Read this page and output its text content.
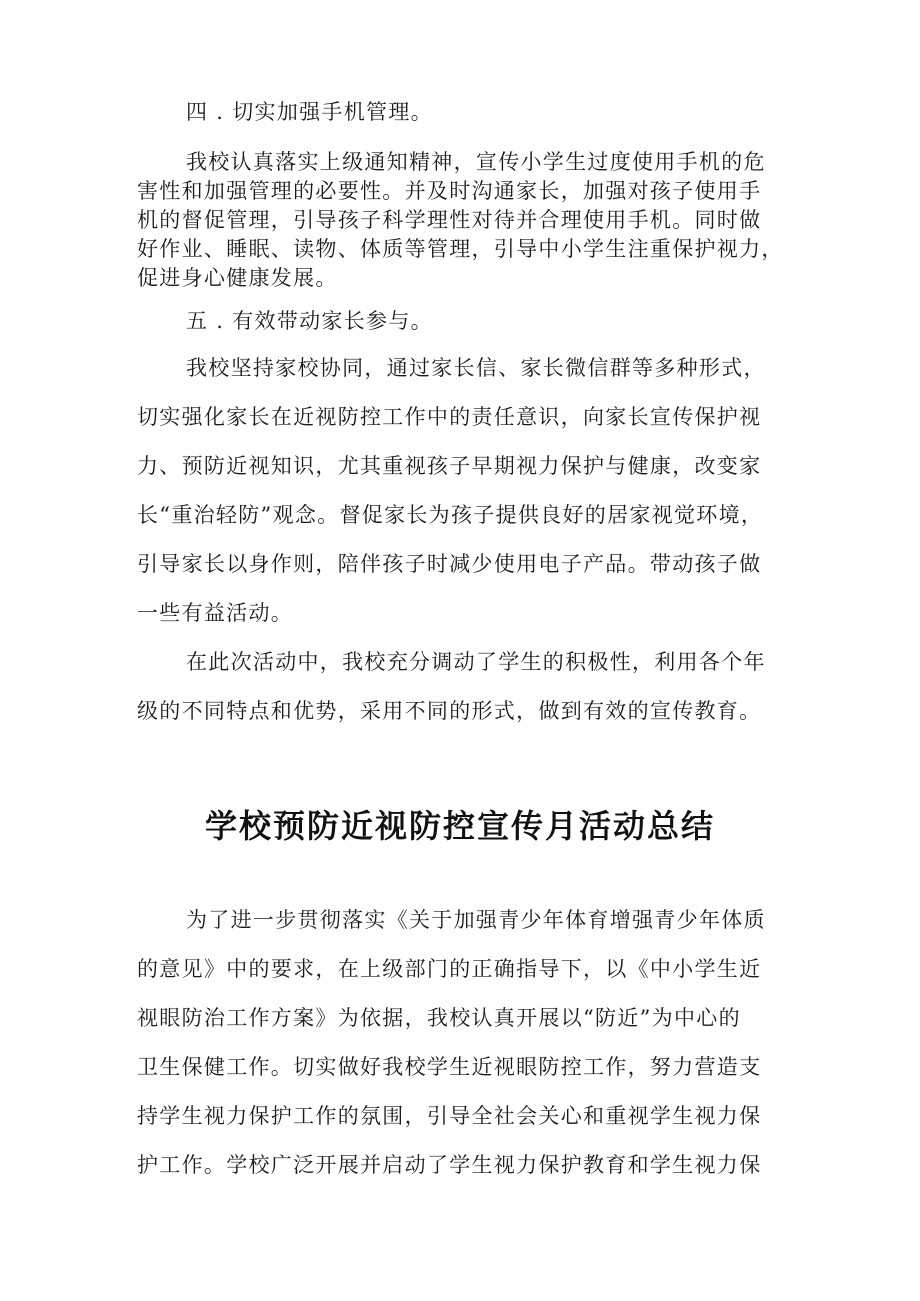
四 . 切实加强手机管理。

我校认真落实上级通知精神，宣传小学生过度使用手机的危

害性和加强管理的必要性。并及时沟通家长，加强对孩子使用手

机的督促管理，引导孩子科学理性对待并合理使用手机。同时做

好作业、睡眠、读物、体质等管理，引导中小学生注重保护视力，

促进身心健康发展。

五 . 有效带动家长参与。

我校坚持家校协同，通过家长信、家长微信群等多种形式，

切实强化家长在近视防控工作中的责任意识，向家长宣传保护视

力、预防近视知识，尤其重视孩子早期视力保护与健康，改变家

长“重治轻防”观念。督促家长为孩子提供良好的居家视觉环境，

引导家长以身作则，陪伴孩子时减少使用电子产品。带动孩子做

一些有益活动。

在此次活动中，我校充分调动了学生的积极性，利用各个年

级的不同特点和优势，采用不同的形式，做到有效的宣传教育。

学校预防近视防控宣传月活动总结

为了进一步贯彻落实《关于加强青少年体育增强青少年体质

的意见》中的要求，在上级部门的正确指导下，以《中小学生近

视眼防治工作方案》为依据，我校认真开展以“防近”为中心的

卫生保健工作。切实做好我校学生近视眼防控工作，努力营造支

持学生视力保护工作的氛围，引导全社会关心和重视学生视力保

护工作。学校广泛开展并启动了学生视力保护教育和学生视力保
